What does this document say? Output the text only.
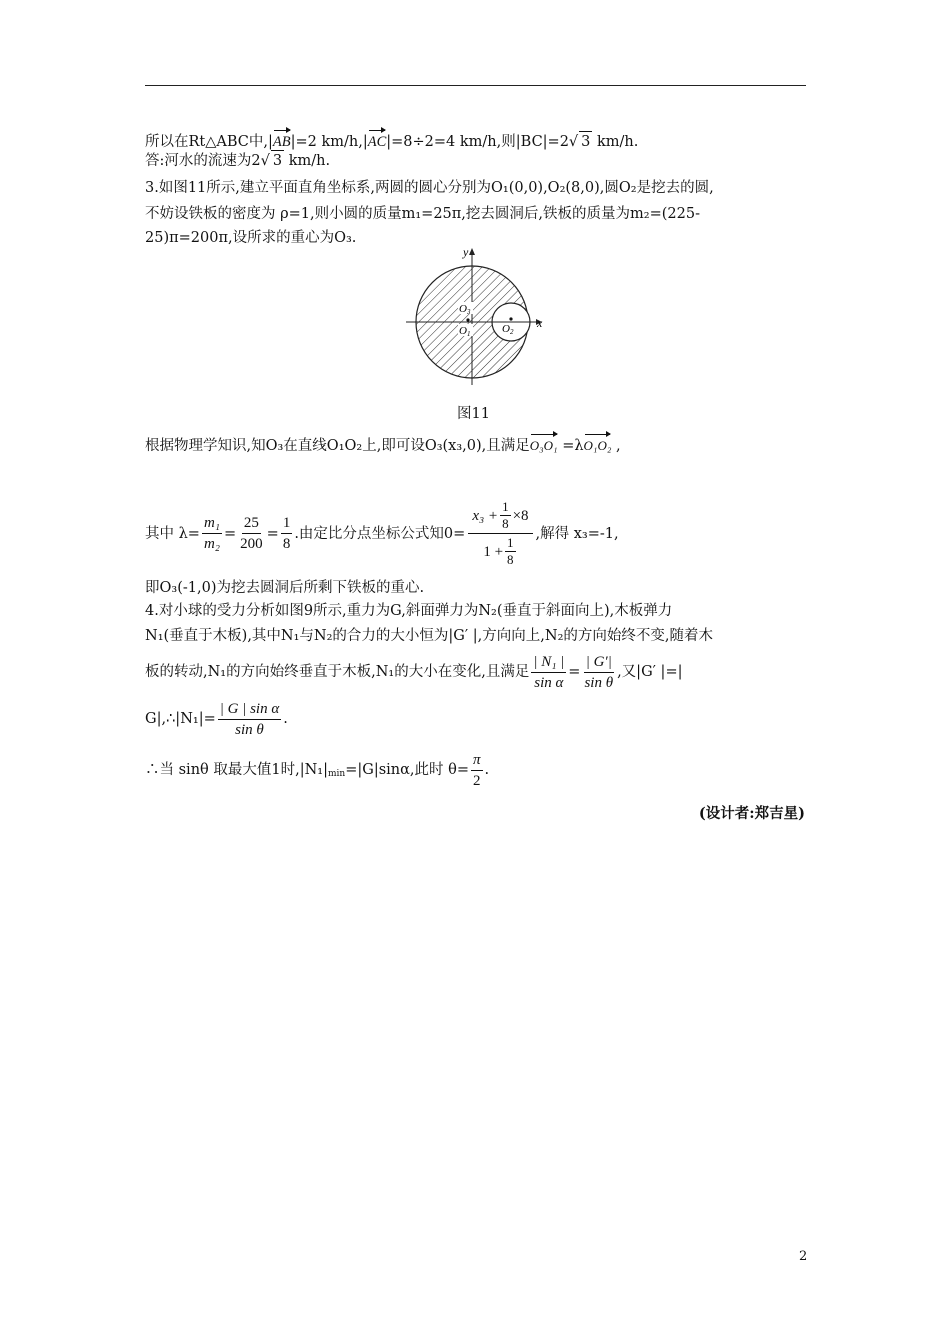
所以在Rt△ABC中,|AB|=2 km/h,|AC|=8÷2=4 km/h,则|BC|=2√ 3 km/h.
答:河水的流速为2√ 3 km/h.
3.如图11所示,建立平面直角坐标系,两圆的圆心分别为O₁(0,0),O₂(8,0),圆O₂是挖去的圆,
不妨设铁板的密度为 ρ=1,则小圆的质量m₁=25π,挖去圆洞后,铁板的质量为m₂=(225-
25)π=200π,设所求的重心为O₃.
y
x
O3
O1	O2
图11
根据物理学知识,知O₃在直线O₁O₂上,即可设O₃(x₃,0),且满足O₃O₁ =λO₁O₂ ,
其中 $\lambda= \frac{\text{m₁}}{\text{m₂}} = \frac{25}{200} = \frac{1}{8}$ .由定比分点坐标公式知$0= \frac{x_3 + \frac{1}{8} \times 8}{1 + \frac{1}{8}}$ ,解得 x₃=-1,
即O₃(-1,0)为挖去圆洞后所剩下铁板的重心.
4.对小球的受力分析如图9所示,重力为G,斜面弹力为N₂(垂直于斜面向上),木板弹力
N₁(垂直于木板),其中N₁与N₂的合力的大小恒为|G′ |,方向向上,N₂的方向始终不变,随着木
板的转动,N₁的方向始终垂直于木板,N₁的大小在变化,且满足 $\frac{\text{| N₁ |}}{\text{sin α}} = \frac{| G'|}{\text{sin θ}}$ ,又|G′ |=|
G|,∴|N₁|= $\frac{\text{| G | sin α}}{\text{sin θ}}$ .
∴当 sinθ 取最大值1时$,|N_1|_{min} =|G|\sin\alpha$,此时 $\theta= \frac{\pi}{2}$ .
(设计者:郑吉星)
2
